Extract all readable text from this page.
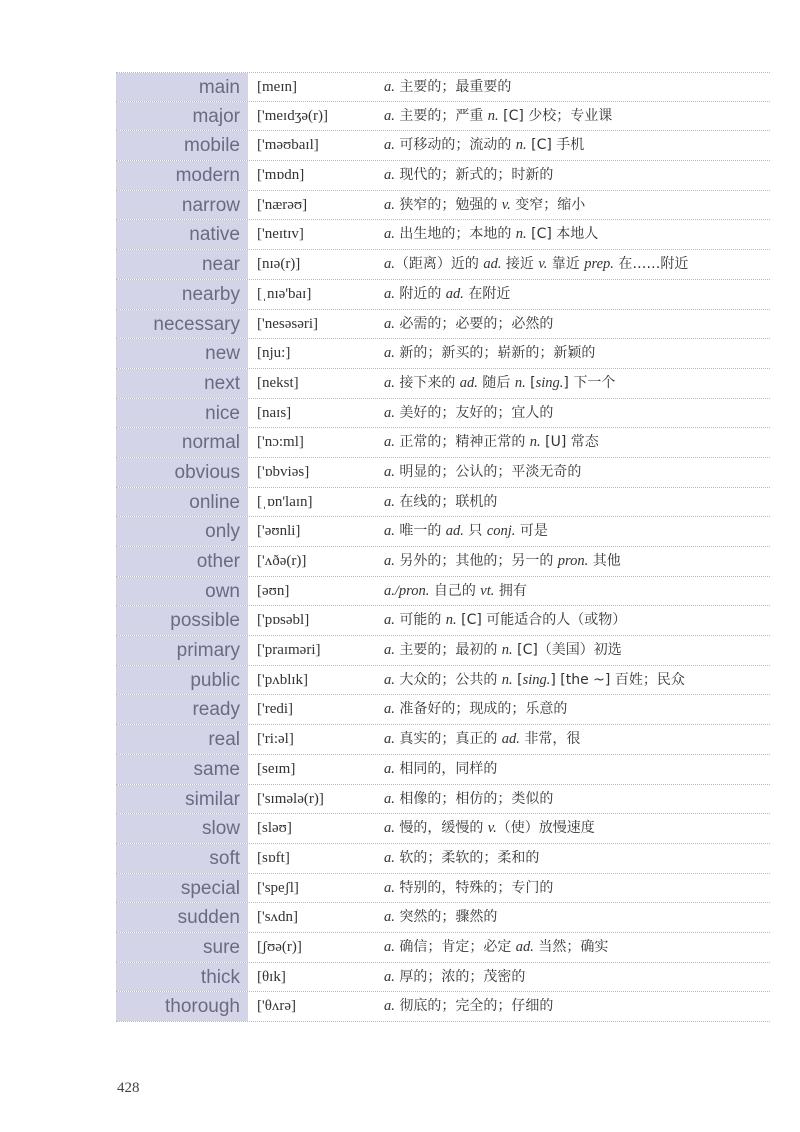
main	[meɪn]	a. 主要的；最重要的
major	['meɪdʒə(r)]	a. 主要的；严重 n. [C] 少校；专业课
mobile	['məʊbaɪl]	a. 可移动的；流动的 n. [C] 手机
modern	['mɒdn]	a. 现代的；新式的；时新的
narrow	['nærəʊ]	a. 狭窄的；勉强的 v. 变窄；缩小
native	['neɪtɪv]	a. 出生地的；本地的 n. [C] 本地人
near	[nɪə(r)]	a.（距离）近的 ad. 接近 v. 靠近 prep. 在……附近
nearby	[ˌnɪə'baɪ]	a. 附近的 ad. 在附近
necessary	['nesəsəri]	a. 必需的；必要的；必然的
new	[nju:]	a. 新的；新买的；崭新的；新颖的
next	[nekst]	a. 接下来的 ad. 随后 n. [sing.] 下一个
nice	[naɪs]	a. 美好的；友好的；宜人的
normal	['nɔ:ml]	a. 正常的；精神正常的 n. [U] 常态
obvious	['ɒbviəs]	a. 明显的；公认的；平淡无奇的
online	[ˌɒn'laɪn]	a. 在线的；联机的
only	['əʊnli]	a. 唯一的 ad. 只 conj. 可是
other	['ʌðə(r)]	a. 另外的；其他的；另一的 pron. 其他
own	[əʊn]	a./pron. 自己的 vt. 拥有
possible	['pɒsəbl]	a. 可能的 n. [C] 可能适合的人（或物）
primary	['praɪməri]	a. 主要的；最初的 n. [C]（美国）初选
public	['pʌblɪk]	a. 大众的；公共的 n. [sing.] [the ~] 百姓；民众
ready	['redi]	a. 准备好的；现成的；乐意的
real	['ri:əl]	a. 真实的；真正的 ad. 非常，很
same	[seɪm]	a. 相同的，同样的
similar	['sɪmələ(r)]	a. 相像的；相仿的；类似的
slow	[sləʊ]	a. 慢的，缓慢的 v.（使）放慢速度
soft	[sɒft]	a. 软的；柔软的；柔和的
special	['speʃl]	a. 特别的，特殊的；专门的
sudden	['sʌdn]	a. 突然的；骤然的
sure	[ʃʊə(r)]	a. 确信；肯定；必定 ad. 当然；确实
thick	[θɪk]	a. 厚的；浓的；茂密的
thorough	['θʌrə]	a. 彻底的；完全的；仔细的
428
